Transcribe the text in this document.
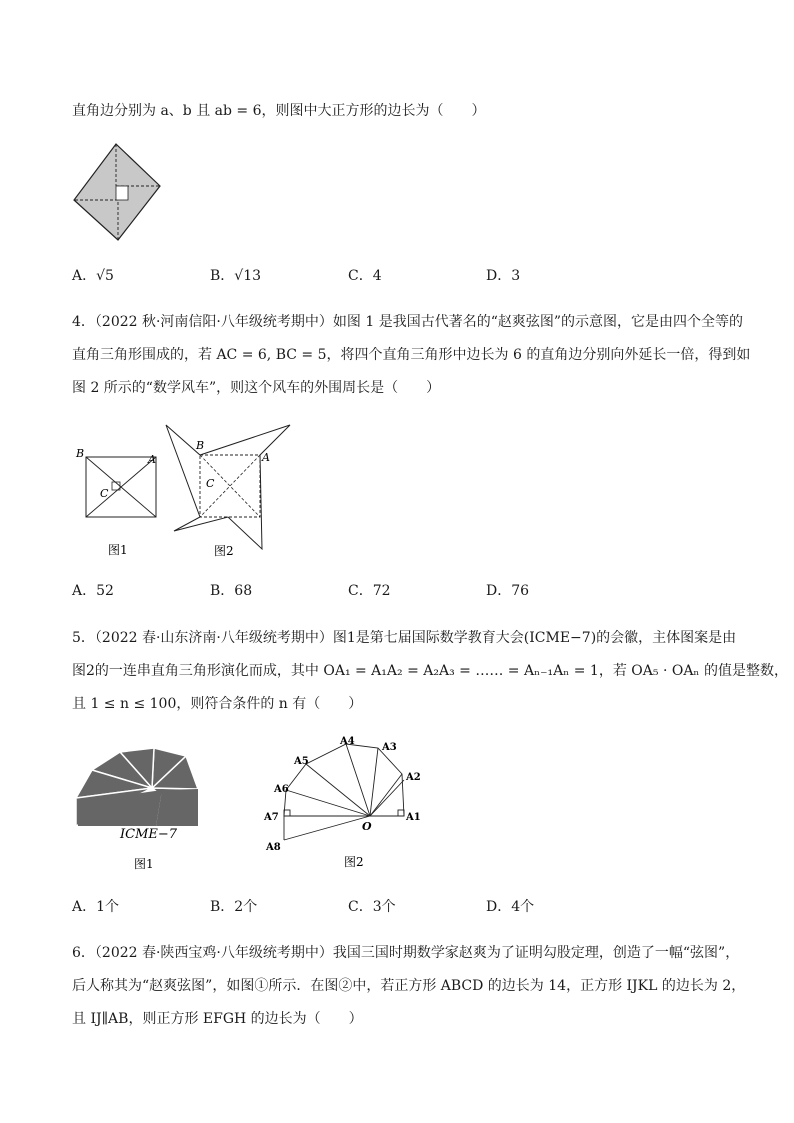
直角边分别为 a、b 且 ab = 6，则图中大正方形的边长为（　　）
A．√5	B．√13	C．4	D．3
4．（2022 秋·河南信阳·八年级统考期中）如图 1 是我国古代著名的“赵爽弦图”的示意图，它是由四个全等的
直角三角形围成的，若 AC = 6, BC = 5，将四个直角三角形中边长为 6 的直角边分别向外延长一倍，得到如
图 2 所示的“数学风车”，则这个风车的外围周长是（　　）
B	A
C
图1
B
A
C
图2
A．52	B．68	C．72	D．76
5．（2022 春·山东济南·八年级统考期中）图1是第七届国际数学教育大会(ICME−7)的会徽，主体图案是由
图2的一连串直角三角形演化而成，其中 OA₁ = A₁A₂ = A₂A₃ = …… = Aₙ₋₁Aₙ = 1，若 OA₅ · OAₙ 的值是整数，
且 1 ≤ n ≤ 100，则符合条件的 n 有（　　）
ICME−7
图1
A1
A2
A3
A4
A5
A6
A7
A8
O
图2
A．1个	B．2个	C．3个	D．4个
6．（2022 春·陕西宝鸡·八年级统考期中）我国三国时期数学家赵爽为了证明勾股定理，创造了一幅“弦图”，
后人称其为“赵爽弦图”，如图①所示．在图②中，若正方形 ABCD 的边长为 14，正方形 IJKL 的边长为 2，
且 IJ∥AB，则正方形 EFGH 的边长为（　　）
